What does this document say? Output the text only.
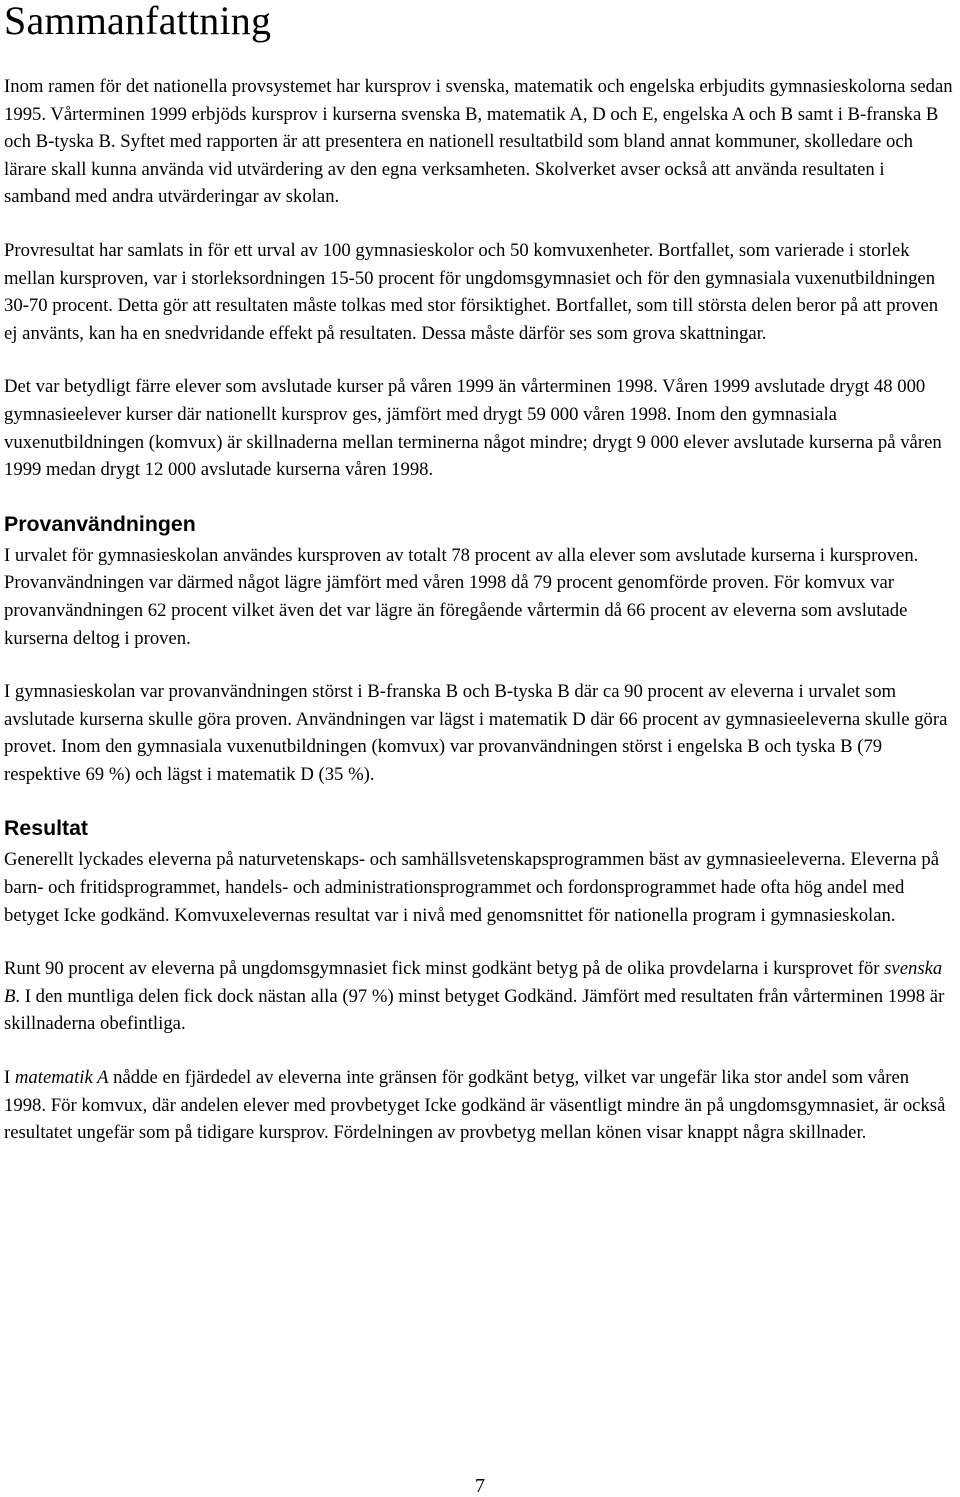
Sammanfattning

Inom ramen för det nationella provsystemet har kursprov i svenska, matematik och engelska erbjudits gymnasieskolorna sedan 1995. Vårterminen 1999 erbjöds kursprov i kurserna svenska B, matematik A, D och E, engelska A och B samt i B-franska B och B-tyska B. Syftet med rapporten är att presentera en nationell resultatbild som bland annat kommuner, skolledare och lärare skall kunna använda vid utvärdering av den egna verksamheten. Skolverket avser också att använda resultaten i samband med andra utvärderingar av skolan.

Provresultat har samlats in för ett urval av 100 gymnasieskolor och 50 komvuxenheter. Bortfallet, som varierade i storlek mellan kursproven, var i storleksordningen 15-50 procent för ungdomsgymnasiet och för den gymnasiala vuxenutbildningen 30-70 procent. Detta gör att resultaten måste tolkas med stor försiktighet. Bortfallet, som till största delen beror på att proven ej använts, kan ha en snedvridande effekt på resultaten. Dessa måste därför ses som grova skattningar.

Det var betydligt färre elever som avslutade kurser på våren 1999 än vårterminen 1998. Våren 1999 avslutade drygt 48 000 gymnasieelever kurser där nationellt kursprov ges, jämfört med drygt 59 000 våren 1998. Inom den gymnasiala vuxenutbildningen (komvux) är skillnaderna mellan terminerna något mindre; drygt 9 000 elever avslutade kurserna på våren 1999 medan drygt 12 000 avslutade kurserna våren 1998.

Provanvändningen

I urvalet för gymnasieskolan användes kursproven av totalt 78 procent av alla elever som avslutade kurserna i kursproven. Provanvändningen var därmed något lägre jämfört med våren 1998 då 79 procent genomförde proven. För komvux var provanvändningen 62 procent vilket även det var lägre än föregående vårtermin då 66 procent av eleverna som avslutade kurserna deltog i proven.

I gymnasieskolan var provanvändningen störst i B-franska B och B-tyska B där ca 90 procent av eleverna i urvalet som avslutade kurserna skulle göra proven. Användningen var lägst i matematik D där 66 procent av gymnasieeleverna skulle göra provet. Inom den gymnasiala vuxenutbildningen (komvux) var provanvändningen störst i engelska B och tyska B (79 respektive 69 %) och lägst i matematik D (35 %).

Resultat

Generellt lyckades eleverna på naturvetenskaps- och samhällsvetenskapsprogrammen bäst av gymnasieeleverna. Eleverna på barn- och fritidsprogrammet, handels- och administrationsprogrammet och fordonsprogrammet hade ofta hög andel med betyget Icke godkänd. Komvuxelevernas resultat var i nivå med genomsnittet för nationella program i gymnasieskolan.

Runt 90 procent av eleverna på ungdomsgymnasiet fick minst godkänt betyg på de olika provdelarna i kursprovet för svenska B. I den muntliga delen fick dock nästan alla (97 %) minst betyget Godkänd. Jämfört med resultaten från vårterminen 1998 är skillnaderna obefintliga.

I matematik A nådde en fjärdedel av eleverna inte gränsen för godkänt betyg, vilket var ungefär lika stor andel som våren 1998. För komvux, där andelen elever med provbetyget Icke godkänd är väsentligt mindre än på ungdomsgymnasiet, är också resultatet ungefär som på tidigare kursprov. Fördelningen av provbetyg mellan könen visar knappt några skillnader.

7
